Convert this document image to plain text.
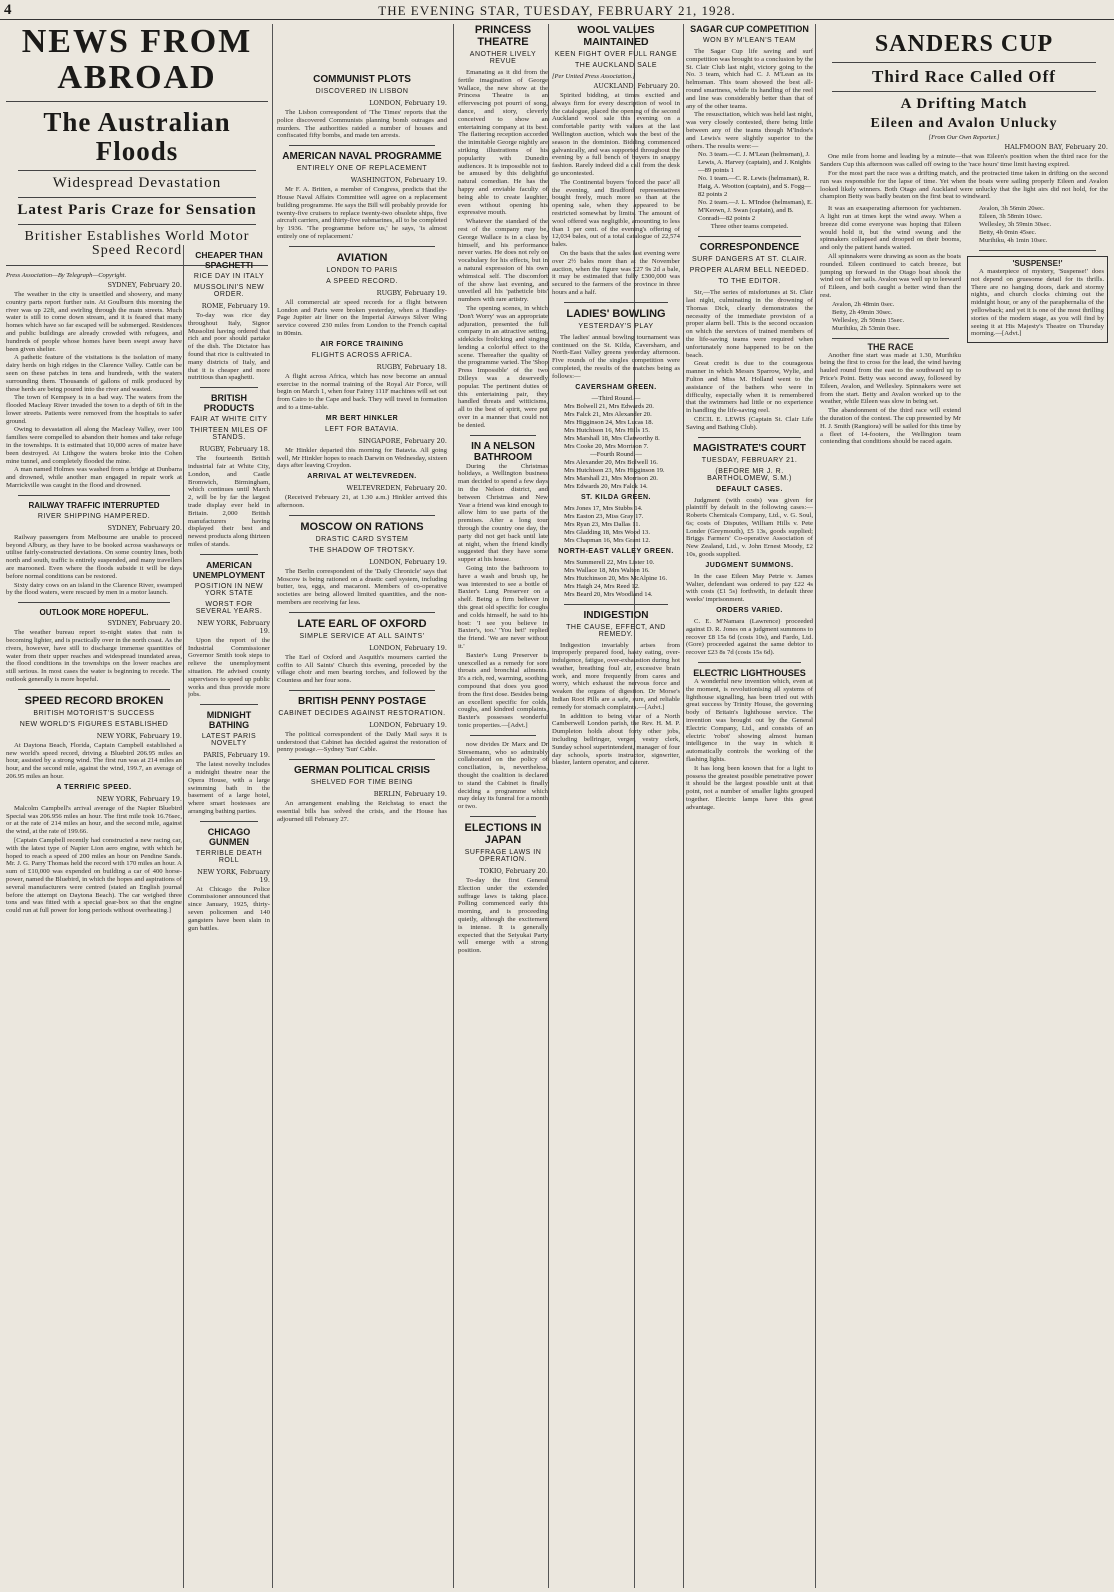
4	THE EVENING STAR, TUESDAY, FEBRUARY 21, 1928.
NEWS FROM ABROAD
The Australian Floods
Widespread Devastation
Latest Paris Craze for Sensation
Britisher Establishes World Motor Speed Record
Press Association—By Telegraph—Copyright.
SYDNEY, February 20.

The weather in the city is unsettled and showery, and many country parts report further rain. At Goulburn this morning the river was up 22ft, and swirling through the main streets. Much water is still to come down stream, and it is feared that many homes which have so far escaped will be submerged. Residences and public buildings are already crowded with refugees, and hundreds of people whose homes have been swept away have been given shelter.

A pathetic feature of the visitations is the isolation of many dairy herds on high ridges in the Clarence Valley. Cattle can be seen on these patches in tens and hundreds, with the waters surrounding them. Thousands of gallons of milk produced by these herds are being poured into the river and wasted.

The town of Kempsey is in a bad way. The waters from the flooded Macleay River invaded the town to a depth of 6ft in the lower streets. Patients were removed from the hospitals to safer ground.

Owing to devastation all along the Macleay Valley, over 100 families were compelled to abandon their homes and take refuge in the townships. It is estimated that 10,000 acres of maize have been destroyed. At Lithgow the waters broke into the Cohen mine tunnel, and completely flooded the mine.

A man named Holmes was washed from a bridge at Dunbarra and drowned, while another man engaged in repair work at Marrickville was caught in the flood and drowned.

RAILWAY TRAFFIC INTERRUPTED
RIVER SHIPPING HAMPERED.
SYDNEY, February 20.

Railway passengers from Melbourne are unable to proceed beyond Albury, as they have to be booked across washaways or utilise fairly-constructed deviations. On some country lines, both north and south, traffic is entirely suspended, and many travellers are marooned. Even where the floods subside it will be days before normal conditions can be restored.

Sixty dairy cows on an island in the Clarence River, swamped by the flood waters, were rescued by men in a motor launch.

OUTLOOK MORE HOPEFUL.
SYDNEY, February 20.

The weather bureau report to-night states that rain is becoming lighter, and is practically over in the north coast. As the rivers, however, have still to discharge immense quantities of water from their upper reaches and widespread inundated areas, the flood conditions in the townships on the lower reaches are still serious. In most cases the water is beginning to recede. The outlook generally is more hopeful.

SPEED RECORD BROKEN
BRITISH MOTORIST'S SUCCESS
NEW WORLD'S FIGURES ESTABLISHED
NEW YORK, February 19.

At Daytona Beach, Florida, Captain Campbell established a new world's speed record, driving a Bluebird 206.95 miles an hour, assisted by a strong wind. The first run was at 214 miles an hour, and the second mile, against the wind, 199.7, an average of 206.95 miles an hour.

A TERRIFIC SPEED.
NEW YORK, February 19.

Malcolm Campbell's arrival average of the Napier Bluebird Special was 206.956 miles an hour. The first mile took 16.76sec, or at the rate of 214 miles an hour, and the second mile, against the wind, at the rate of 199.66.

[Captain Campbell recently had constructed a new racing car, with the latest type of Napier Lion aero engine, with which he hoped to reach a speed of 200 miles an hour on Pendine Sands. Mr. J. G. Parry Thomas held the record with 170 miles an hour. A sum of £10,000 was expended on building a car of 400 horse-power, named the Bluebird, in which the hopes and aspirations of several manufacturers were centred (stated an English journal before the attempt on Daytona Beach). The car weighed three tons and was fitted with a special gear-box so that the engine could run at full power for long periods without overheating.]

CHEAPER THAN SPAGHETTI
RICE DAY IN ITALY
MUSSOLINI'S NEW ORDER.
ROME, February 19.

To-day was rice day throughout Italy, Signor Mussolini having ordered that rich and poor should partake of the dish. The Dictator has found that rice is cultivated in many districts of Italy, and that it is cheaper and more nutritious than spaghetti.

BRITISH PRODUCTS
FAIR AT WHITE CITY
THIRTEEN MILES OF STANDS.
RUGBY, February 18.

The fourteenth British industrial fair at White City, London, and Castle Bromwich, Birmingham, which continues until March 2, will be by far the largest trade display ever held in Britain. 2,000 British manufacturers having displayed their best and newest products along thirteen miles of stands.

AMERICAN UNEMPLOYMENT
POSITION IN NEW YORK STATE
WORST FOR SEVERAL YEARS.
NEW YORK, February 19.

Upon the report of the Industrial Commissioner Governor Smith took steps to relieve the unemployment situation. He advised county supervisors to speed up public works and thus provide more jobs.

MIDNIGHT BATHING
LATEST PARIS NOVELTY
PARIS, February 19.

The latest novelty includes a midnight theatre near the Opera House, with a large swimming bath in the basement of a large hotel, where smart hostesses are arranging bathing parties.

CHICAGO GUNMEN
TERRIBLE DEATH ROLL
NEW YORK, February 19.

At Chicago the Police Commissioner announced that since January, 1925, thirty-seven policemen and 140 gangsters have been slain in gun battles.

COMMUNIST PLOTS
DISCOVERED IN LISBON
LONDON, February 19.

The Lisbon correspondent of 'The Times' reports that the police discovered Communists planning bomb outrages and murders. The authorities raided a number of houses and confiscated fifty bombs, and made ten arrests.

AMERICAN NAVAL PROGRAMME
ENTIRELY ONE OF REPLACEMENT
WASHINGTON, February 19.

Mr F. A. Britten, a member of Congress, predicts that the House Naval Affairs Committee will agree on a replacement building programme. He says the Bill will probably provide for twenty-five cruisers to replace twenty-two obsolete ships, five aircraft carriers, and thirty-five submarines, all to be completed by 1936. 'The programme before us,' he says, 'is almost entirely one of replacement.'

AVIATION
LONDON TO PARIS
A SPEED RECORD.
RUGBY, February 19.

All commercial air speed records for a flight between London and Paris were broken yesterday, when a Handley-Page Jupiter air liner on the Imperial Airways Silver Wing service covered 230 miles from London to the French capital in 80min.

AIR FORCE TRAINING
FLIGHTS ACROSS AFRICA.
RUGBY, February 18.

A flight across Africa, which has now become an annual exercise in the normal training of the Royal Air Force, will begin on March 1, when four Fairey 111F machines will set out from Cairo to the Cape and back. They will travel in formation and to a time-table.

MR BERT HINKLER
LEFT FOR BATAVIA.
SINGAPORE, February 20.

Mr Hinkler departed this morning for Batavia. All going well, Mr Hinkler hopes to reach Darwin on Wednesday, sixteen days after leaving Croydon.

ARRIVAL AT WELTEVREDEN.
WELTEVREDEN, February 20.

(Received February 21, at 1.30 a.m.) Hinkler arrived this afternoon.

MOSCOW ON RATIONS
DRASTIC CARD SYSTEM
THE SHADOW OF TROTSKY.
LONDON, February 19.

The Berlin correspondent of the 'Daily Chronicle' says that Moscow is being rationed on a drastic card system, including butter, tea, eggs, and macaroni. Members of co-operative societies are being allowed limited quantities, and the non-members are receiving far less.

LATE EARL OF OXFORD
SIMPLE SERVICE AT ALL SAINTS'
LONDON, February 19.

The Earl of Oxford and Asquith's mourners carried the coffin to All Saints' Church this evening, preceded by the village choir and men bearing torches, and followed by the Countess and her four sons.

BRITISH PENNY POSTAGE
CABINET DECIDES AGAINST RESTORATION.
LONDON, February 19.

The political correspondent of the Daily Mail says it is understood that Cabinet has decided against the restoration of penny postage.—Sydney 'Sun' Cable.

GERMAN POLITICAL CRISIS
SHELVED FOR TIME BEING
BERLIN, February 19.

An arrangement enabling the Reichstag to enact the essential bills has solved the crisis, and the House has adjourned till February 27.

PRINCESS THEATRE
ANOTHER LIVELY REVUE

Emanating as it did from the fertile imagination of George Wallace, the new show at the Princess Theatre is an effervescing pot pourri of song, dance, and story, cleverly conceived to show an entertaining company at its best. The flattering reception accorded the inimitable George nightly are striking illustrations of his popularity with Dunedin audiences. It is impossible not to be amused by this delightful natural comedian. He has the happy and enviable faculty of being able to create laughter, even without opening his expressive mouth.

Whatever the standard of the rest of the company may be, George Wallace is in a class by himself, and his performance never varies. He does not rely on vocabulary for his effects, but in a natural expression of his own whimsical self. The discomfort of the show last evening, and unveiled all his 'patheticle bits' numbers with rare artistry.

The opening scenes, in which 'Don't Worry' was an appropriate adjuration, presented the full company in an attractive setting, sidekicks frolicking and singing lending a colorful effect to the scene. Thereafter the quality of the programme varied. The 'Shop Press Impossible' of the two Dilleys was a deservedly popular. The pertinent duties of this entertaining pair, they handled threats and witticisms, all to the best of spirit, were put over in a manner that could not be denied.

IN A NELSON BATHROOM

During the Christmas holidays, a Wellington business man decided to spend a few days in the Nelson district, and between Christmas and New Year a friend was kind enough to allow him to use parts of the premises. After a long tour through the country one day, the party did not get back until late at night, when the friend kindly suggested that they have some supper at his house.

Going into the bathroom to have a wash and brush up, he was interested to see a bottle of Baxter's Lung Preserver on a shelf. Being a firm believer in this great old specific for coughs and colds himself, he said to his host: 'I see you believe in Baxter's, too.' 'You bet!' replied the friend. 'We are never without it.'

Baxter's Lung Preserver is unexcelled as a remedy for sore throats and bronchial ailments. It's a rich, red, warming, soothing compound that does you good from the first dose. Besides being an excellent specific for colds, coughs, and kindred complaints, Baxter's possesses wonderful tonic properties.—[Advt.]

now divides Dr Marx and Dr Stresemann, who so admirably collaborated on the policy of conciliation, is, nevertheless, thought the coalition is declared to stand the Cabinet is finally deciding a programme which may delay its funeral for a month or two.

ELECTIONS IN JAPAN
SUFFRAGE LAWS IN OPERATION.
TOKIO, February 20.

To-day the first General Election under the extended suffrage laws is taking place. Polling commenced early this morning, and is proceeding quietly, although the excitement is intense. It is generally expected that the Seiyukai Party will emerge with a strong position.

WOOL VALUES MAINTAINED
KEEN FIGHT OVER FULL RANGE
THE AUCKLAND SALE
[Per United Press Association.]
AUCKLAND, February 20.

Spirited bidding, at times excited and always firm for every description of wool in the catalogue, placed the opening of the second Auckland wool sale this evening on a comfortable parity with values at the last Wellington auction, which was the best of the season in the dominion. Bidding commenced galvanically, and was supported throughout the evening by a full bench of buyers in snappy fashion. Rarely indeed did a call from the desk go uncontested.

The Continental buyers 'forced the pace' all the evening, and Bradford representatives bought freely, much more so than at the opening sale, when they appeared to be restricted somewhat by limits. The amount of wool offered was negligible, amounting to less than 1 per cent. of the evening's offering of 12,034 bales, out of a total catalogue of 22,574 bales.

On the basis that the sales last evening were over 2½ bales more than at the November auction, when the figure was £27 9s 2d a bale, it may be estimated that fully £300,000 was secured to the farmers of the province in three hours and a half.

LADIES' BOWLING
YESTERDAY'S PLAY

The ladies' annual bowling tournament was continued on the St. Kilda, Caversham, and North-East Valley greens yesterday afternoon. Five rounds of the singles competition were completed, the results of the matches being as follows:—

CAVERSHAM GREEN.
—Third Round.—
Mrs Bolwell 21, Mrs Edwards 20.
Mrs Falck 21, Mrs Alexander 20.
Mrs Higginson 24, Mrs Lucas 18.
Mrs Hutchison 16, Mrs Hills 15.
Mrs Marshall 18, Mrs Clatworthy 8.
Mrs Cooke 20, Mrs Morrison 7.
—Fourth Round.—
Mrs Alexander 20, Mrs Bolwell 16.
Mrs Hutchison 23, Mrs Higginson 19.
Mrs Marshall 21, Mrs Morrison 20.
Mrs Edwards 20, Mrs Falck 14.
ST. KILDA GREEN.
Mrs Jones 17, Mrs Stubbs 14.
Mrs Easton 23, Miss Gray 17.
Mrs Ryan 23, Mrs Dallas 11.
Mrs Gladding 18, Mrs Wood 13.
Mrs Chapman 16, Mrs Grant 12.
NORTH-EAST VALLEY GREEN.
Mrs Summerell 22, Mrs Lister 10.
Mrs Wallace 18, Mrs Walton 16.
Mrs Hutchinson 20, Mrs McAlpine 16.
Mrs Haigh 24, Mrs Reed 12.
Mrs Beard 20, Mrs Woodland 14.
INDIGESTION
THE CAUSE, EFFECT, AND REMEDY.

Indigestion invariably arises from improperly prepared food, hasty eating, over-indulgence, fatigue, over-exhaustion during hot weather, breathing foul air, excessive brain work, and more frequently from cares and worry, which exhaust the nervous force and weaken the organs of digestion. Dr Morse's Indian Root Pills are a safe, sure, and reliable remedy for stomach complaints.—[Advt.]

In addition to being vicar of a North Camberwell London parish, the Rev. H. M. P. Dumpleton holds about forty other jobs, including bellringer, verger, vestry clerk, Sunday school superintendent, manager of four day schools, sports instructor, signwriter, blaster, lantern operator, and caterer.

SANDERS CUP
Third Race Called Off
A Drifting Match
Eileen and Avalon Unlucky
[From Our Own Reporter.]
HALFMOON BAY, February 20.

One mile from home and leading by a minute—that was Eileen's position when the third race for the Sanders Cup this afternoon was called off owing to the 'race hours' time limit having expired.

For the most part the race was a drifting match, and the protracted time taken in drifting on the second run was responsible for the lapse of time. Yet when the boats were sailing properly Eileen and Avalon looked likely winners. Both Otago and Auckland were unlucky that the light airs did not hold, for the champion Betty was badly beaten on the first beat to windward.

It was an exasperating afternoon for yachtsmen. A light run at times kept the wind away. When a breeze did come everyone was hoping that Eileen would hold it, but the wind swung and the spinnakers collapsed and drooped on their booms, and only the patient hands waited.

All spinnakers were drawing as soon as the boats rounded. Eileen continued to catch breeze, but jumping up forward in the Otago boat shook the wind out of her sails. Avalon was well up to leeward of Eileen, and both caught a better wind than the rest.

Avalon, 2h 48min 0sec.
Betty, 2h 49min 30sec.
Wellesley, 2h 50min 15sec.
Murihiku, 2h 53min 0sec.
THE RACE

Another fine start was made at 1.30, Murihiku being the first to cross for the lead, the wind having hauled round from the east to the southward up to Price's Point. Betty was second away, followed by Eileen, Avalon, and Wellesley. Spinnakers were set from the start. Betty and Avalon worked up to the weather, while Eileen was slow in being set.

The abandonment of the third race will extend the duration of the contest. The cup presented by Mr H. J. Smith (Rangiora) will be sailed for this time by a fleet of 14-footers, the Wellington team contending that conditions should be raced again.

Avalon, 3h 56min 20sec.
Eileen, 3h 58min 10sec.
Wellesley, 3h 59min 30sec.
Betty, 4h 0min 45sec.
Murihiku, 4h 1min 10sec.
'SUSPENSE!'

A masterpiece of mystery, 'Suspense!' does not depend on gruesome detail for its thrills. There are no hanging doors, dark and stormy nights, and church clocks chiming out the midnight hour, or any of the paraphernalia of the yellowback; and yet it is one of the most thrilling stories of the modern stage, as you will find by seeing it at His Majesty's Theatre on Thursday morning.—[Advt.]

SAGAR CUP COMPETITION
WON BY M'LEAN'S TEAM

The Sagar Cup life saving and surf competition was brought to a conclusion by the St. Clair Club last night, victory going to the No. 3 team, which had C. J. M'Lean as its helmsman. This team showed the best all-round smartness, while its handling of the reel and line was considerably better than that of any of the other teams.

The resuscitation, which was held last night, was very closely contested, there being little between any of the teams though M'Indoe's and Lewis's were slightly superior to the others. The results were:—

No. 3 team.—C. J. M'Lean (helmsman), J. Lewis, A. Harvey (captain), and J. Knights—89 points 1
No. 1 team.—C. R. Lewis (helmsman), R. Haig, A. Wootton (captain), and S. Fogg—82 points 2
No. 2 team.—J. L. M'Indoe (helmsman), E. M'Keown, J. Swan (captain), and B. Conradi—82 points 2
Three other teams competed.
CORRESPONDENCE
SURF DANGERS AT ST. CLAIR.
PROPER ALARM BELL NEEDED.
TO THE EDITOR.

Sir,—The series of misfortunes at St. Clair last night, culminating in the drowning of Thomas Dick, clearly demonstrates the necessity of the immediate provision of a proper alarm bell. This is the second occasion on which the services of trained members of the life-saving teams were required when unfortunately none happened to be on the beach.

Great credit is due to the courageous manner in which Messrs Sparrow, Wylie, and Fulton and Miss M. Holland went to the assistance of the bathers who were in difficulty, especially when it is remembered that the swimmers had little or no experience in handling the life-saving reel.

CECIL E. LEWIS (Captain St. Clair Life Saving and Bathing Club).

MAGISTRATE'S COURT
TUESDAY, FEBRUARY 21.
(BEFORE MR J. R. BARTHOLOMEW, S.M.)
DEFAULT CASES.

Judgment (with costs) was given for plaintiff by default in the following cases:—Roberts Chemicals Company, Ltd., v. G. Soul, 6s; costs of Disputes, William Hills v. Pete Londer (Greymouth), £5 13s, goods supplied; Briggs Farmers' Co-operative Association of New Zealand, Ltd., v. John Ernest Moody, £2 10s, goods supplied.

JUDGMENT SUMMONS.

In the case Eileen May Petrie v. James Walter, defendant was ordered to pay £22 4s with costs (£1 5s) forthwith, in default three weeks' imprisonment.

ORDERS VARIED.

C. E. M'Namara (Lawrence) proceeded against D. R. Jones on a judgment summons to recover £8 15s 6d (costs 10s), and Fardo, Ltd. (Gore) proceeded against the same debtor to recover £23 8s 7d (costs 15s 6d).

ELECTRIC LIGHTHOUSES

A wonderful new invention which, even at the moment, is revolutionising all systems of lighthouse signalling, has been tried out with great success by Trinity House, the governing body of Britain's lighthouse service. The invention was brought out by the General Electric Company, Ltd., and consists of an electric 'robot' showing almost human intelligence in the way in which it automatically controls the working of the flashing lights.

It has long been known that for a light to possess the greatest possible penetrative power it should be the largest possible unit at that point, not a number of smaller lights grouped together. Electric lamps have this great advantage.
